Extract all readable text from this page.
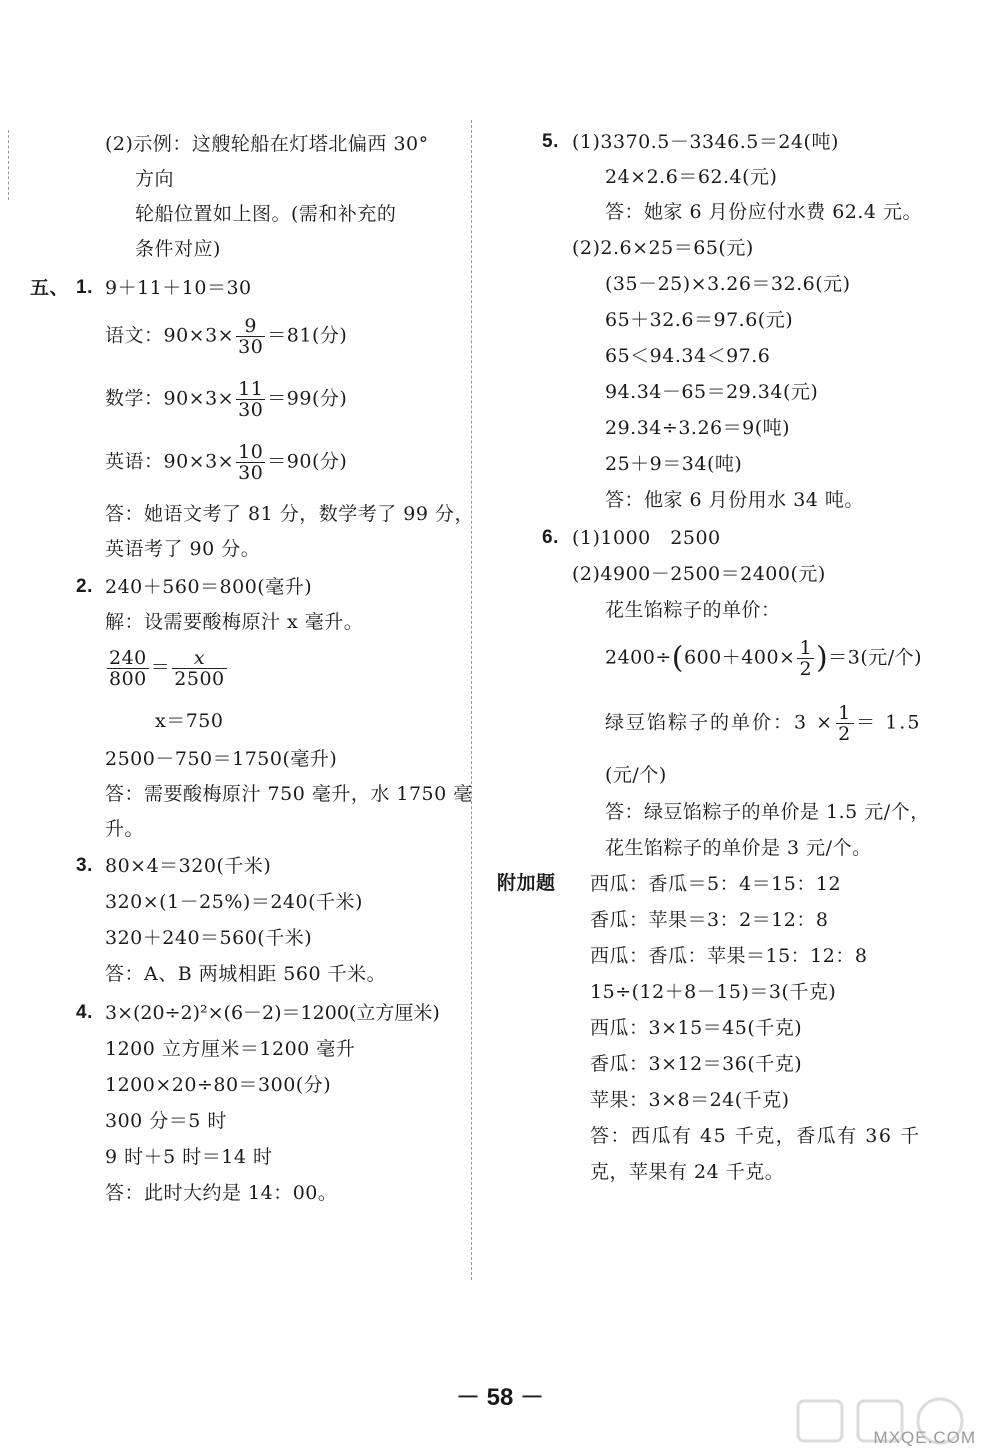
(2)示例：这艘轮船在灯塔北偏西 30°
方向
轮船位置如上图。(需和补充的
条件对应)
五、 1. 9＋11＋10＝30
语文：$90\times 3\times \frac{9}{30} =81$(分)
数学：$90\times 3\times \frac{11}{30} =99$(分)
英语：$90\times 3\times \frac{10}{30} =90$(分)
答：她语文考了 81 分，数学考了 99 分，
英语考了 90 分。
2. 240＋560＝800(毫升)
解：设需要酸梅原汁 x 毫升。
$\frac{240}{800} = \frac{x}{2500}$
x＝750
2500－750＝1750(毫升)
答：需要酸梅原汁 750 毫升，水 1750 毫
升。
3. 80×4＝320(千米)
320×(1－25%)＝240(千米)
320＋240＝560(千米)
答：A、B 两城相距 560 千米。
4. 3×(20÷2)²×(6－2)＝1200(立方厘米)
1200 立方厘米＝1200 毫升
1200×20÷80＝300(分)
300 分＝5 时
9 时＋5 时＝14 时
答：此时大约是 14：00。
5. (1)3370.5－3346.5＝24(吨)
24×2.6＝62.4(元)
答：她家 6 月份应付水费 62.4 元。
(2)2.6×25＝65(元)
(35－25)×3.26＝32.6(元)
65＋32.6＝97.6(元)
65＜94.34＜97.6
94.34－65＝29.34(元)
29.34÷3.26＝9(吨)
25＋9＝34(吨)
答：他家 6 月份用水 34 吨。
6. (1)1000　2500
(2)4900－2500＝2400(元)
花生馅粽子的单价：
$2400\div(600+400\times \frac{1}{2} )=3$(元/个)
绿豆馅粽子的单价：$3 \times \frac{1}{2} = 1.5$
(元/个)
答：绿豆馅粽子的单价是 1.5 元/个，
花生馅粽子的单价是 3 元/个。
附加题 西瓜：香瓜＝5：4＝15：12
香瓜：苹果＝3：2＝12：8
西瓜：香瓜：苹果＝15：12：8
15÷(12＋8－15)＝3(千克)
西瓜：3×15＝45(千克)
香瓜：3×12＝36(千克)
苹果：3×8＝24(千克)
答：西瓜有 45 千克，香瓜有 36 千
克，苹果有 24 千克。
－ 58 －
MXQE.COM
